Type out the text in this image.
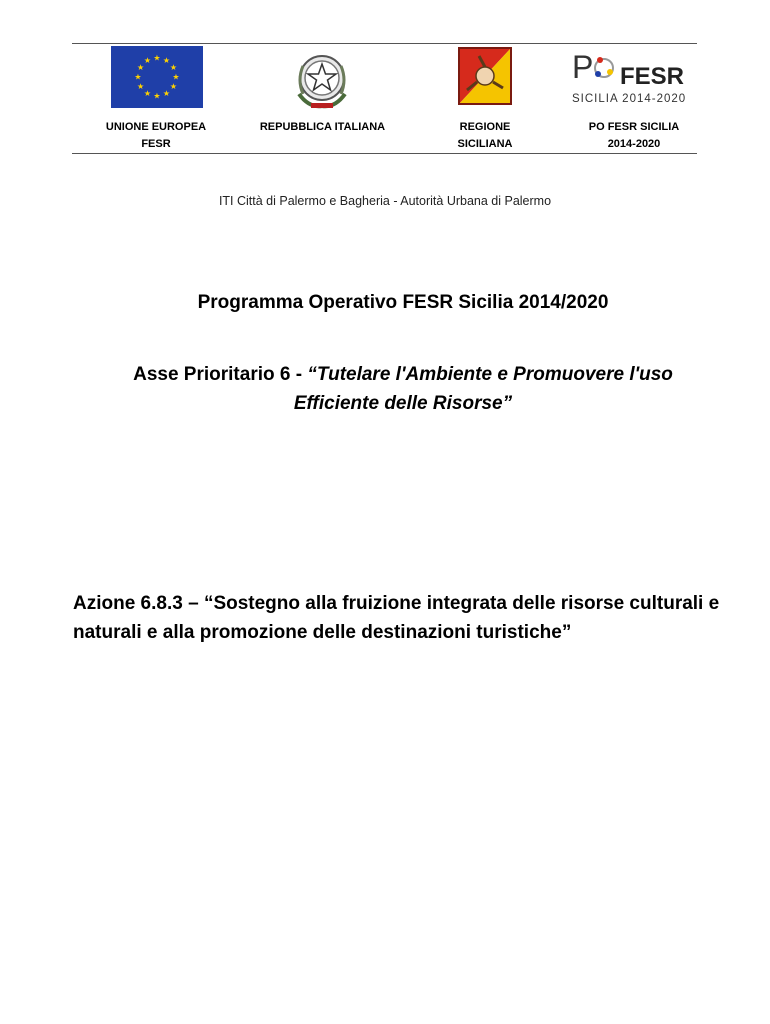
★
★
★
★
★
★
★
★
★ ★ ★
★	P FESR
SICILIA 2014-2020
UNIONE EUROPEA
FESR
REPUBBLICA ITALIANA	REGIONE
SICILIANA
PO FESR SICILIA
2014-2020
ITI Città di Palermo e Bagheria - Autorità Urbana di Palermo
Programma Operativo FESR Sicilia 2014/2020
Asse Prioritario 6 - “Tutelare l'Ambiente e Promuovere l'uso Efficiente delle Risorse”
Azione 6.8.3 – “Sostegno alla fruizione integrata delle risorse culturali e naturali e alla promozione delle destinazioni turistiche”
